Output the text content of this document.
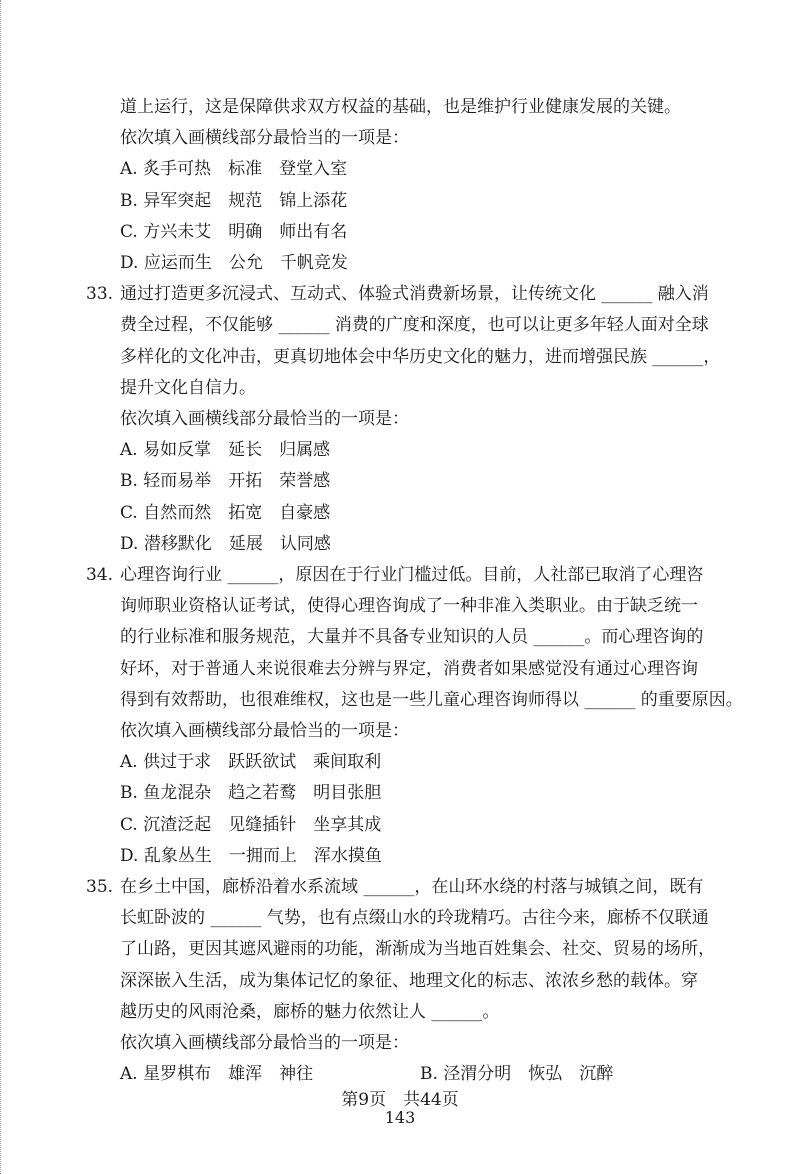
道上运行，这是保障供求双方权益的基础，也是维护行业健康发展的关键。
依次填入画横线部分最恰当的一项是：
A. 炙手可热　标准　登堂入室
B. 异军突起　规范　锦上添花
C. 方兴未艾　明确　师出有名
D. 应运而生　公允　千帆竞发
33. 通过打造更多沉浸式、互动式、体验式消费新场景，让传统文化 ______ 融入消
费全过程，不仅能够 ______ 消费的广度和深度，也可以让更多年轻人面对全球
多样化的文化冲击，更真切地体会中华历史文化的魅力，进而增强民族 ______，
提升文化自信力。
依次填入画横线部分最恰当的一项是：
A. 易如反掌　延长　归属感
B. 轻而易举　开拓　荣誉感
C. 自然而然　拓宽　自豪感
D. 潜移默化　延展　认同感
34. 心理咨询行业 ______，原因在于行业门槛过低。目前，人社部已取消了心理咨
询师职业资格认证考试，使得心理咨询成了一种非准入类职业。由于缺乏统一
的行业标准和服务规范，大量并不具备专业知识的人员 ______。而心理咨询的
好坏，对于普通人来说很难去分辨与界定，消费者如果感觉没有通过心理咨询
得到有效帮助，也很难维权，这也是一些儿童心理咨询师得以 ______ 的重要原因。
依次填入画横线部分最恰当的一项是：
A. 供过于求　跃跃欲试　乘间取利
B. 鱼龙混杂　趋之若鹜　明目张胆
C. 沉渣泛起　见缝插针　坐享其成
D. 乱象丛生　一拥而上　浑水摸鱼
35. 在乡土中国，廊桥沿着水系流域 ______，在山环水绕的村落与城镇之间，既有
长虹卧波的 ______ 气势，也有点缀山水的玲珑精巧。古往今来，廊桥不仅联通
了山路，更因其遮风避雨的功能，渐渐成为当地百姓集会、社交、贸易的场所，
深深嵌入生活，成为集体记忆的象征、地理文化的标志、浓浓乡愁的载体。穿
越历史的风雨沧桑，廊桥的魅力依然让人 ______。
依次填入画横线部分最恰当的一项是：
A. 星罗棋布　雄浑　神往	B. 泾渭分明　恢弘　沉醉
第9页　共44页
143
